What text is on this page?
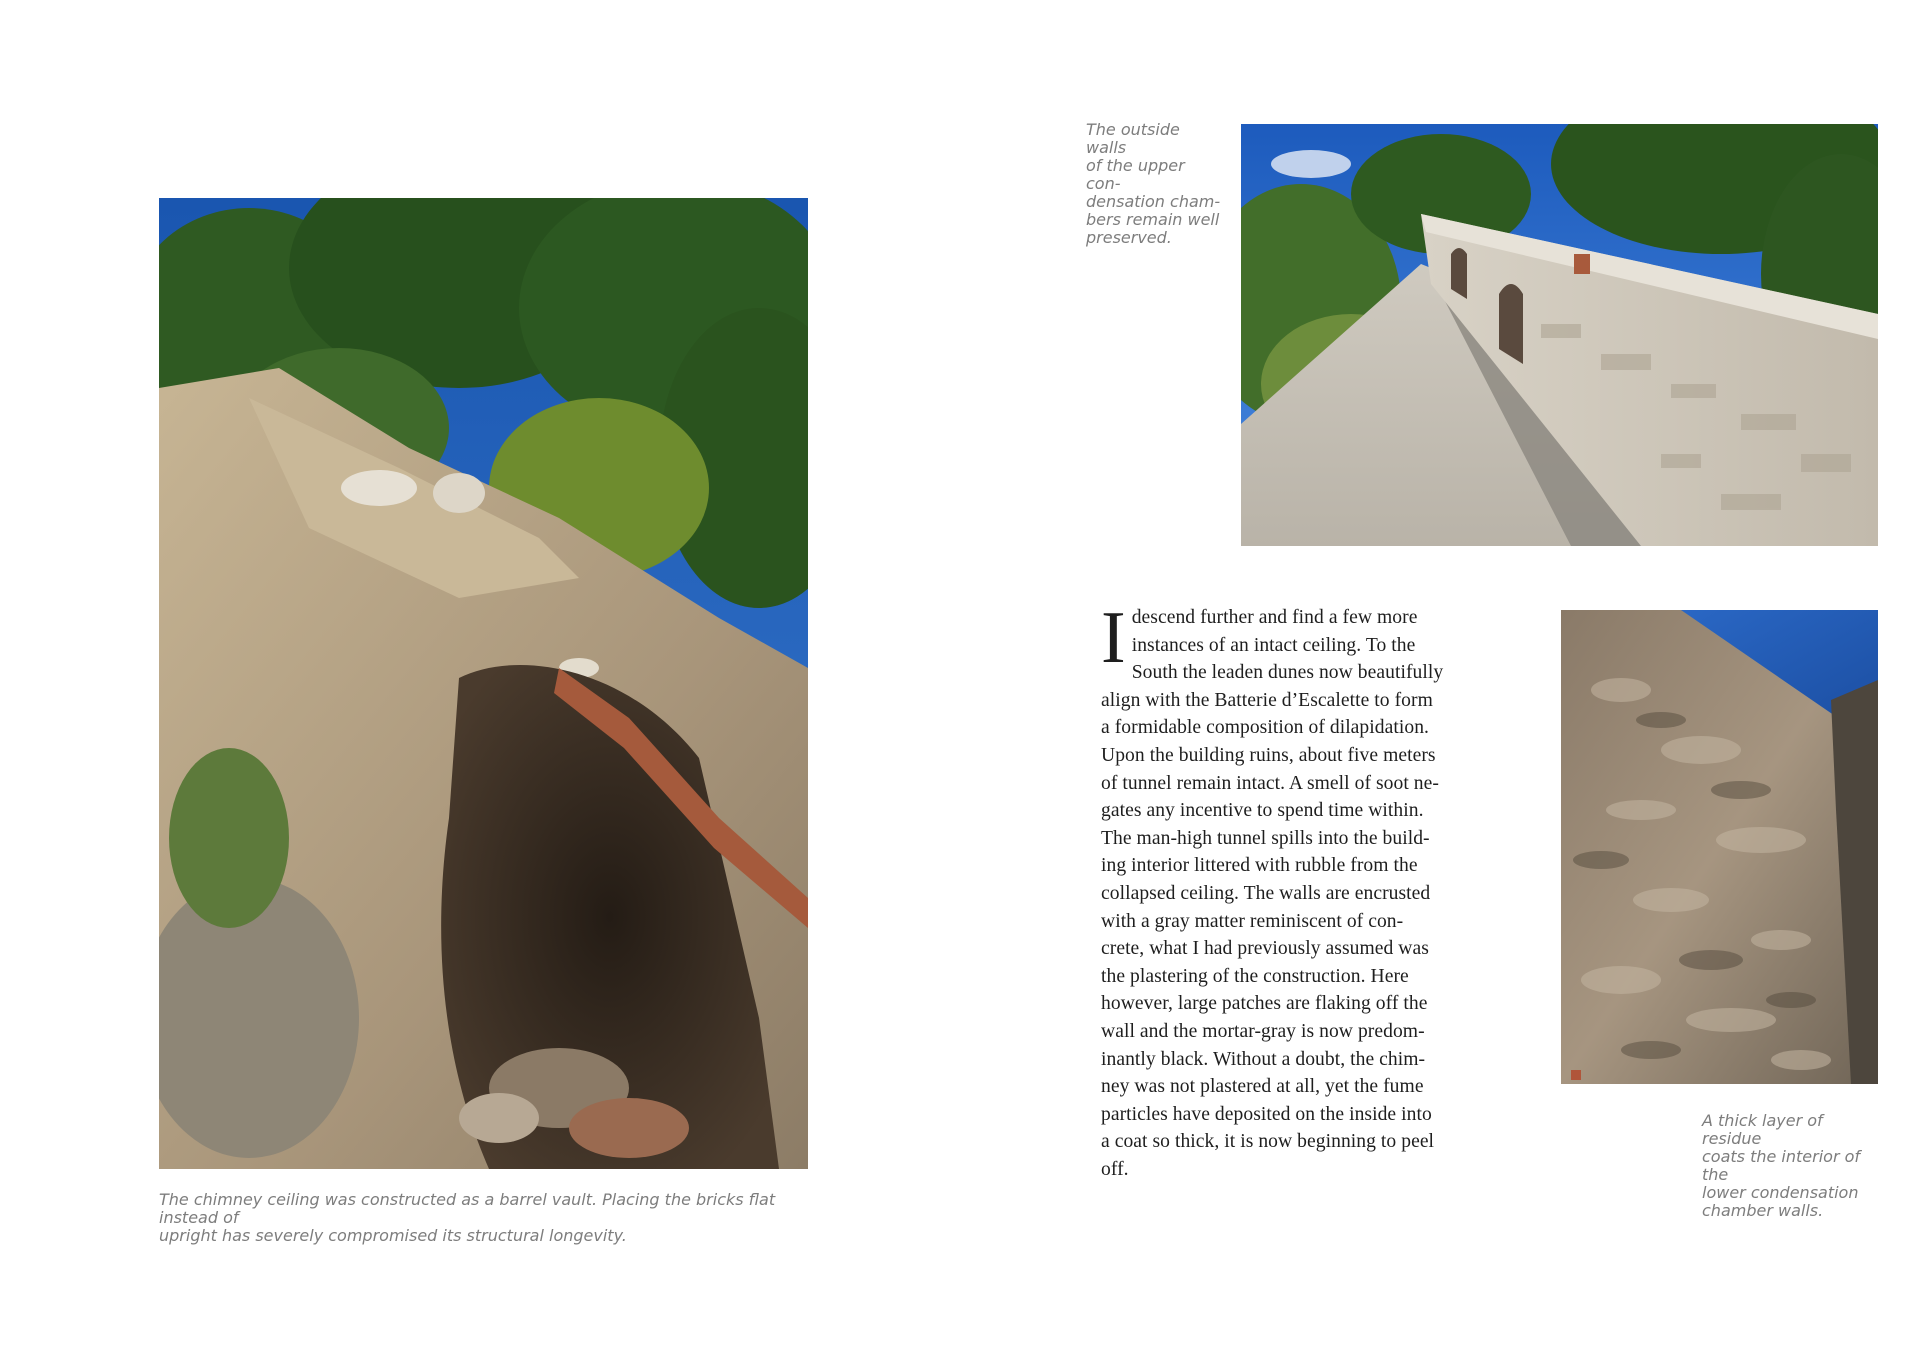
The chimney ceiling was constructed as a barrel vault. Placing the bricks flat instead of
upright has severely compromised its structural longevity.

The outside walls
of the upper con-
densation cham-
bers remain well
preserved.

I descend further and find a few more
instances of an intact ceiling. To the
South the leaden dunes now beautifully
align with the Batterie d’Escalette to form
a formidable composition of dilapidation.
Upon the building ruins, about five meters
of tunnel remain intact. A smell of soot ne-
gates any incentive to spend time within.
The man-high tunnel spills into the build-
ing interior littered with rubble from the
collapsed ceiling. The walls are encrusted
with a gray matter reminiscent of con-
crete, what I had previously assumed was
the plastering of the construction. Here
however, large patches are flaking off the
wall and the mortar-gray is now predom-
inantly black. Without a doubt, the chim-
ney was not plastered at all, yet the fume
particles have deposited on the inside into
a coat so thick, it is now beginning to peel
off.

A thick layer of residue
coats the interior of the
lower condensation
chamber walls.
